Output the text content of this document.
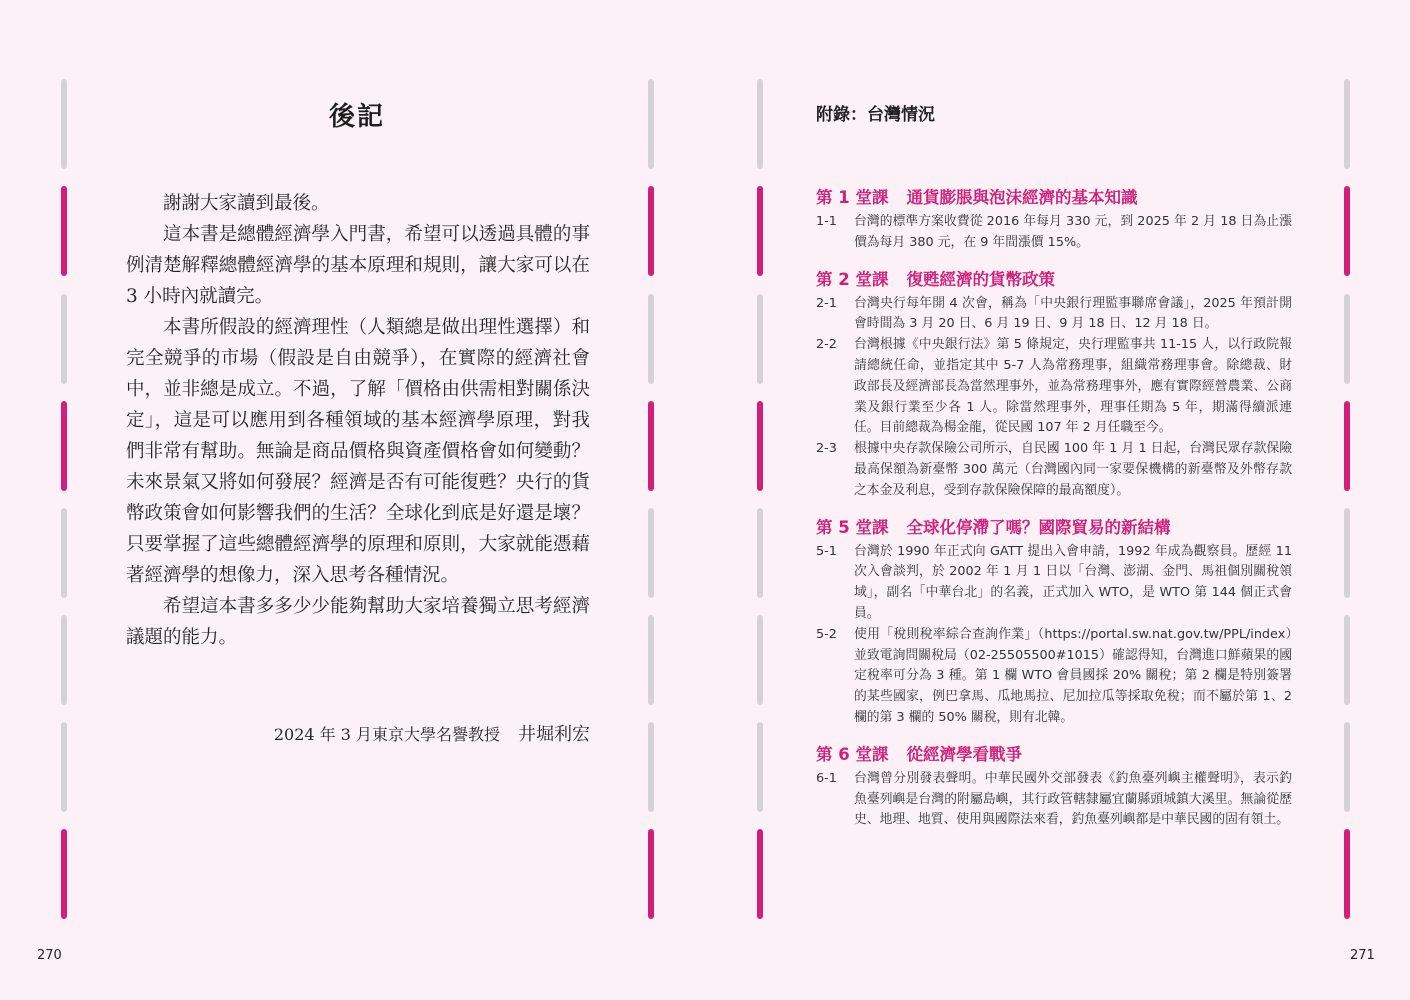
後記

謝謝大家讀到最後。

這本書是總體經濟學入門書，希望可以透過具體的事例清楚解釋總體經濟學的基本原理和規則，讓大家可以在 3 小時內就讀完。

本書所假設的經濟理性（人類總是做出理性選擇）和完全競爭的市場（假設是自由競爭），在實際的經濟社會中，並非總是成立。不過，了解「價格由供需相對關係決定」，這是可以應用到各種領域的基本經濟學原理，對我們非常有幫助。無論是商品價格與資產價格會如何變動？未來景氣又將如何發展？經濟是否有可能復甦？央行的貨幣政策會如何影響我們的生活？全球化到底是好還是壞？只要掌握了這些總體經濟學的原理和原則，大家就能憑藉著經濟學的想像力，深入思考各種情況。

希望這本書多多少少能夠幫助大家培養獨立思考經濟議題的能力。

2024 年 3 月東京大學名譽教授 井堀利宏
270
附錄：台灣情況
第 1 堂課 通貨膨脹與泡沫經濟的基本知識
1-1	台灣的標準方案收費從 2016 年每月 330 元，到 2025 年 2 月 18 日為止漲價為每月 380 元，在 9 年間漲價 15%。
第 2 堂課 復甦經濟的貨幣政策
2-1	台灣央行每年開 4 次會，稱為「中央銀行理監事聯席會議」，2025 年預計開會時間為 3 月 20 日、6 月 19 日、9 月 18 日、12 月 18 日。
2-2	台灣根據《中央銀行法》第 5 條規定，央行理監事共 11-15 人，以行政院報請總統任命，並指定其中 5-7 人為常務理事，組織常務理事會。除總裁、財政部長及經濟部長為當然理事外，並為常務理事外，應有實際經營農業、公商業及銀行業至少各 1 人。除當然理事外，理事任期為 5 年，期滿得續派連任。目前總裁為楊金龍，從民國 107 年 2 月任職至今。
2-3	根據中央存款保險公司所示，自民國 100 年 1 月 1 日起，台灣民眾存款保險最高保額為新臺幣 300 萬元（台灣國內同一家要保機構的新臺幣及外幣存款之本金及利息，受到存款保險保障的最高額度）。
第 5 堂課 全球化停滯了嗎？國際貿易的新結構
5-1	台灣於 1990 年正式向 GATT 提出入會申請，1992 年成為觀察員。歷經 11 次入會談判，於 2002 年 1 月 1 日以「台灣、澎湖、金門、馬祖個別關稅領域」，副名「中華台北」的名義，正式加入 WTO，是 WTO 第 144 個正式會員。
5-2	使用「稅則稅率綜合查詢作業」（https://portal.sw.nat.gov.tw/PPL/index）並致電詢問關稅局（02-25505500#1015）確認得知，台灣進口鮮蘋果的國定稅率可分為 3 種。第 1 欄 WTO 會員國採 20% 關稅；第 2 欄是特別簽署的某些國家，例巴拿馬、瓜地馬拉、尼加拉瓜等採取免稅；而不屬於第 1、2 欄的第 3 欄的 50% 關稅，則有北韓。
第 6 堂課 從經濟學看戰爭
6-1	台灣曾分別發表聲明。中華民國外交部發表《釣魚臺列嶼主權聲明》，表示釣魚臺列嶼是台灣的附屬島嶼，其行政管轄隸屬宜蘭縣頭城鎮大溪里。無論從歷史、地理、地質、使用與國際法來看，釣魚臺列嶼都是中華民國的固有領土。
271
